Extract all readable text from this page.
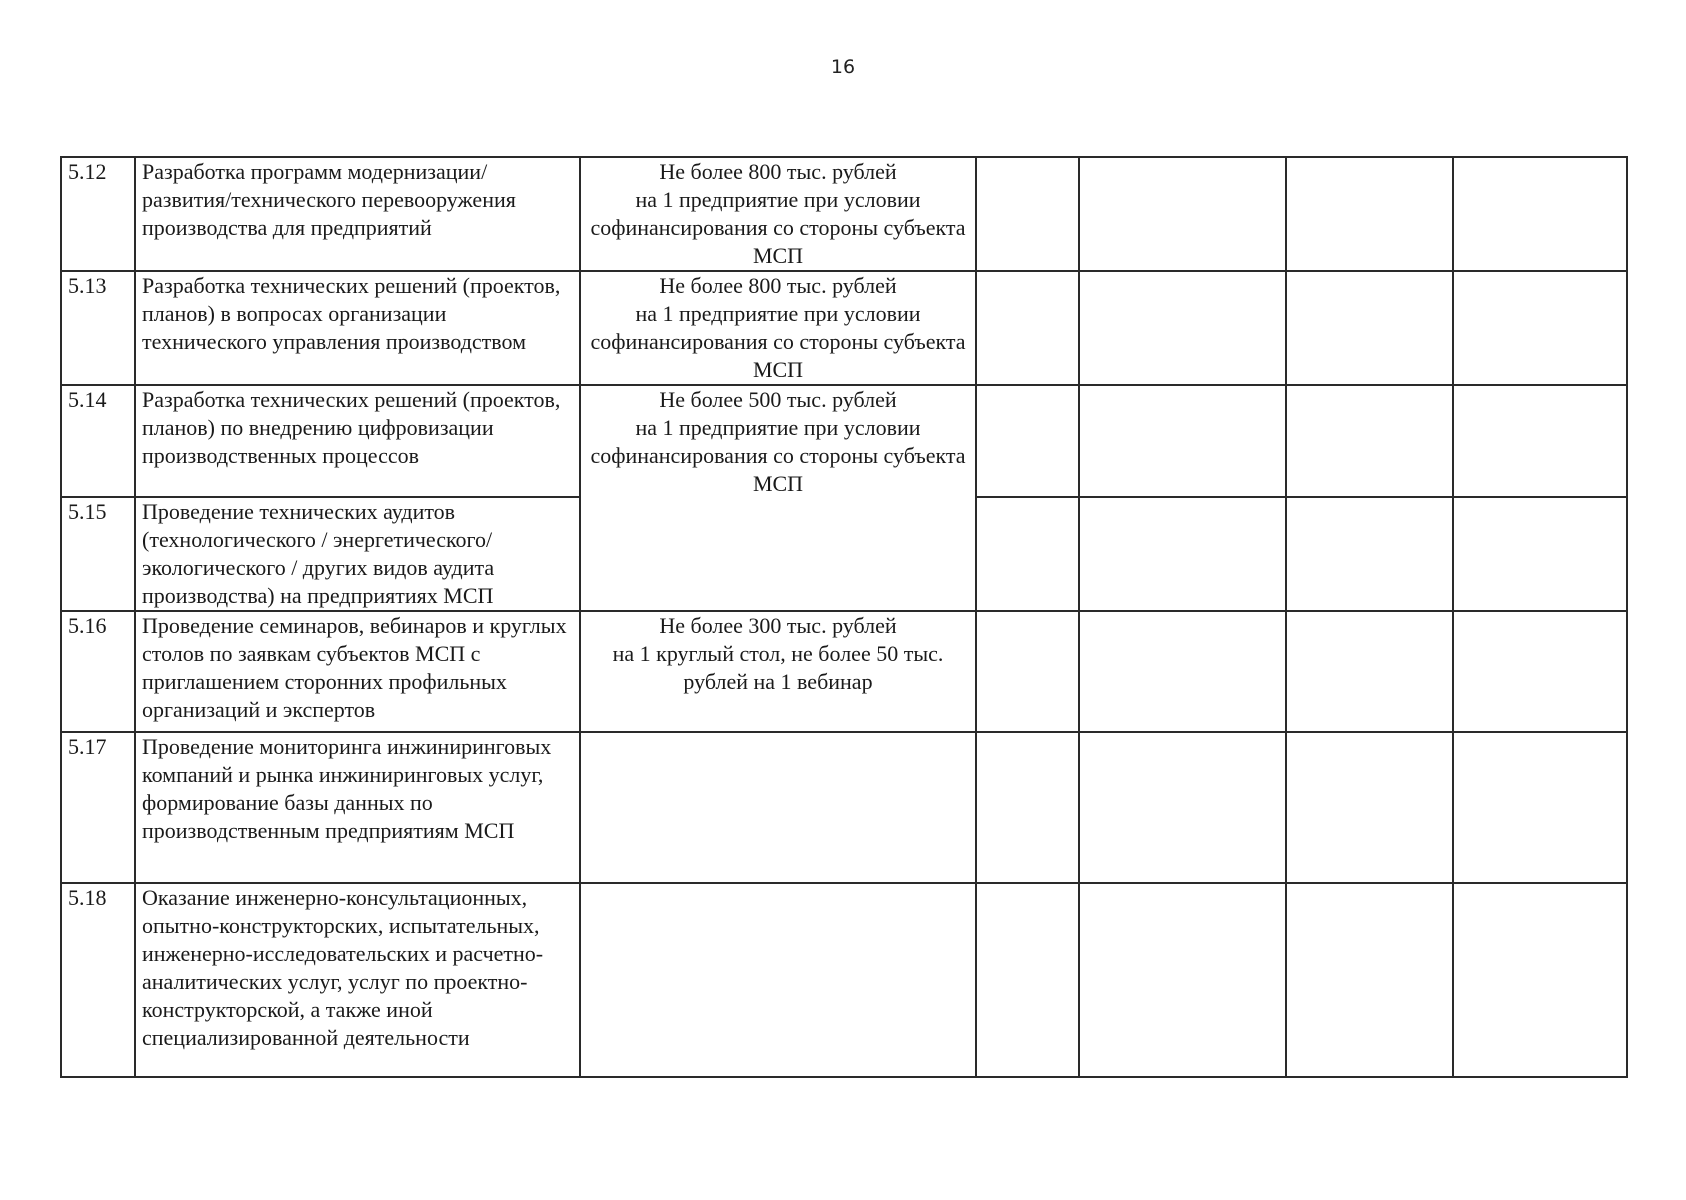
16
5.12	Разработка программ модернизации/развития/технического перевооружения производства для предприятий	Не более 800 тыс. рублей
на 1 предприятие при условии софинансирования со стороны субъекта МСП				
5.13	Разработка технических решений (проектов, планов) в вопросах организации технического управления производством	Не более 800 тыс. рублей
на 1 предприятие при условии софинансирования со стороны субъекта МСП				
5.14	Разработка технических решений (проектов, планов) по внедрению цифровизации производственных процессов	Не более 500 тыс. рублей
на 1 предприятие при условии софинансирования со стороны субъекта МСП				
5.15	Проведение технических аудитов (технологического / энергетического/ экологического / других видов аудита производства) на предприятиях МСП					
5.16	Проведение семинаров, вебинаров и круглых столов по заявкам субъектов МСП с приглашением сторонних профильных организаций и экспертов	Не более 300 тыс. рублей
на 1 круглый стол, не более 50 тыс. рублей на 1 вебинар				
5.17	Проведение мониторинга инжиниринговых компаний и рынка инжиниринговых услуг, формирование базы данных по производственным предприятиям МСП					
5.18	Оказание инженерно-консультационных, опытно-конструкторских, испытательных, инженерно-исследовательских и расчетно-аналитических услуг, услуг по проектно-конструкторской, а также иной специализированной деятельности					
